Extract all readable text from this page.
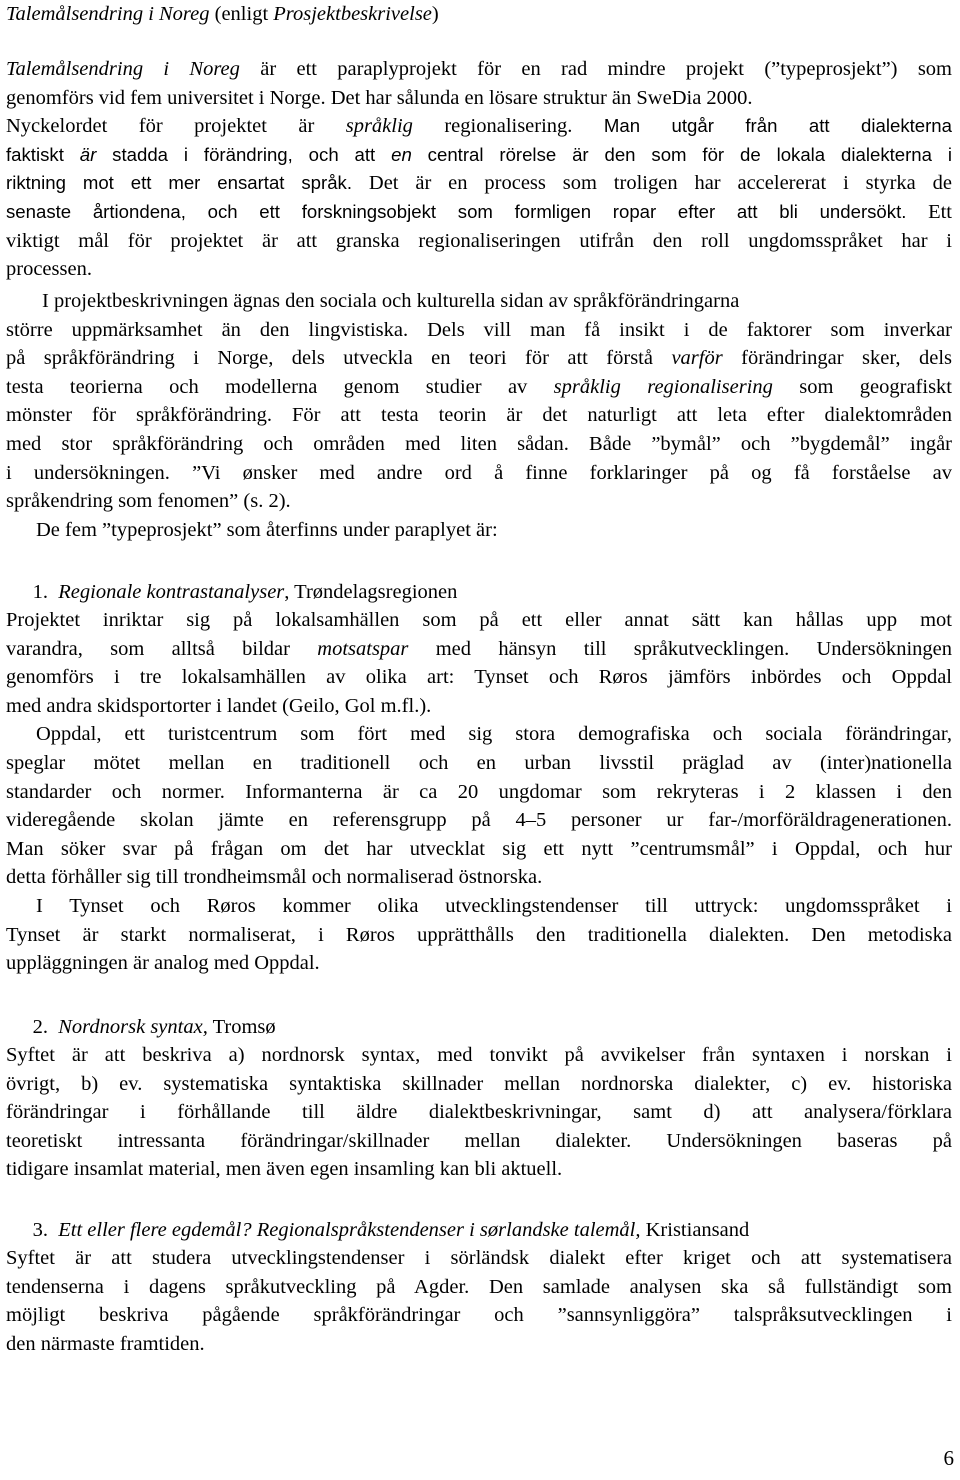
Talemålsendring i Noreg (enligt Prosjektbeskrivelse)
Talemålsendring i Noreg är ett paraplyprojekt för en rad mindre projekt (”typeprosjekt”) som
genomförs vid fem universitet i Norge. Det har sålunda en lösare struktur än SweDia 2000.
Nyckelordet för projektet är språklig regionalisering. Man utgår från att dialekterna
faktiskt är stadda i förändring, och att en central rörelse är den som för de lokala dialekterna i
riktning mot ett mer ensartat språk. Det är en process som troligen har accelererat i styrka de
senaste årtiondena, och ett forskningsobjekt som formligen ropar efter att bli undersökt. Ett
viktigt mål för projektet är att granska regionaliseringen utifrån den roll ungdomsspråket har i
processen.
I projektbeskrivningen ägnas den sociala och kulturella sidan av språkförändringarna
större uppmärksamhet än den lingvistiska. Dels vill man få insikt i de faktorer som inverkar
på språkförändring i Norge, dels utveckla en teori för att förstå varför förändringar sker, dels
testa teorierna och modellerna genom studier av språklig regionalisering som geografiskt
mönster för språkförändring. För att testa teorin är det naturligt att leta efter dialektområden
med stor språkförändring och områden med liten sådan. Både ”bymål” och ”bygdemål” ingår
i undersökningen. ”Vi ønsker med andre ord å finne forklaringer på og få forståelse av
språkendring som fenomen” (s. 2).
De fem ”typeprosjekt” som återfinns under paraplyet är:
1. Regionale kontrastanalyser, Trøndelagsregionen
Projektet inriktar sig på lokalsamhällen som på ett eller annat sätt kan hållas upp mot
varandra, som alltså bildar motsatspar med hänsyn till språkutvecklingen. Undersökningen
genomförs i tre lokalsamhällen av olika art: Tynset och Røros jämförs inbördes och Oppdal
med andra skidsportorter i landet (Geilo, Gol m.fl.).
Oppdal, ett turistcentrum som fört med sig stora demografiska och sociala förändringar,
speglar mötet mellan en traditionell och en urban livsstil präglad av (inter)nationella
standarder och normer. Informanterna är ca 20 ungdomar som rekryteras i 2 klassen i den
videregående skolan jämte en referensgrupp på 4–5 personer ur far-/morföräldragenerationen.
Man söker svar på frågan om det har utvecklat sig ett nytt ”centrumsmål” i Oppdal, och hur
detta förhåller sig till trondheimsmål och normaliserad östnorska.
I Tynset och Røros kommer olika utvecklingstendenser till uttryck: ungdomsspråket i
Tynset är starkt normaliserat, i Røros upprätthålls den traditionella dialekten. Den metodiska
uppläggningen är analog med Oppdal.
2. Nordnorsk syntax, Tromsø
Syftet är att beskriva a) nordnorsk syntax, med tonvikt på avvikelser från syntaxen i norskan i
övrigt, b) ev. systematiska syntaktiska skillnader mellan nordnorska dialekter, c) ev. historiska
förändringar i förhållande till äldre dialektbeskrivningar, samt d) att analysera/förklara
teoretiskt intressanta förändringar/skillnader mellan dialekter. Undersökningen baseras på
tidigare insamlat material, men även egen insamling kan bli aktuell.
3. Ett eller flere egdemål? Regionalspråkstendenser i sørlandske talemål, Kristiansand
Syftet är att studera utvecklingstendenser i sörländsk dialekt efter kriget och att systematisera
tendenserna i dagens språkutveckling på Agder. Den samlade analysen ska så fullständigt som
möjligt beskriva pågående språkförändringar och ”sannsynliggöra” talspråksutvecklingen i
den närmaste framtiden.
6
